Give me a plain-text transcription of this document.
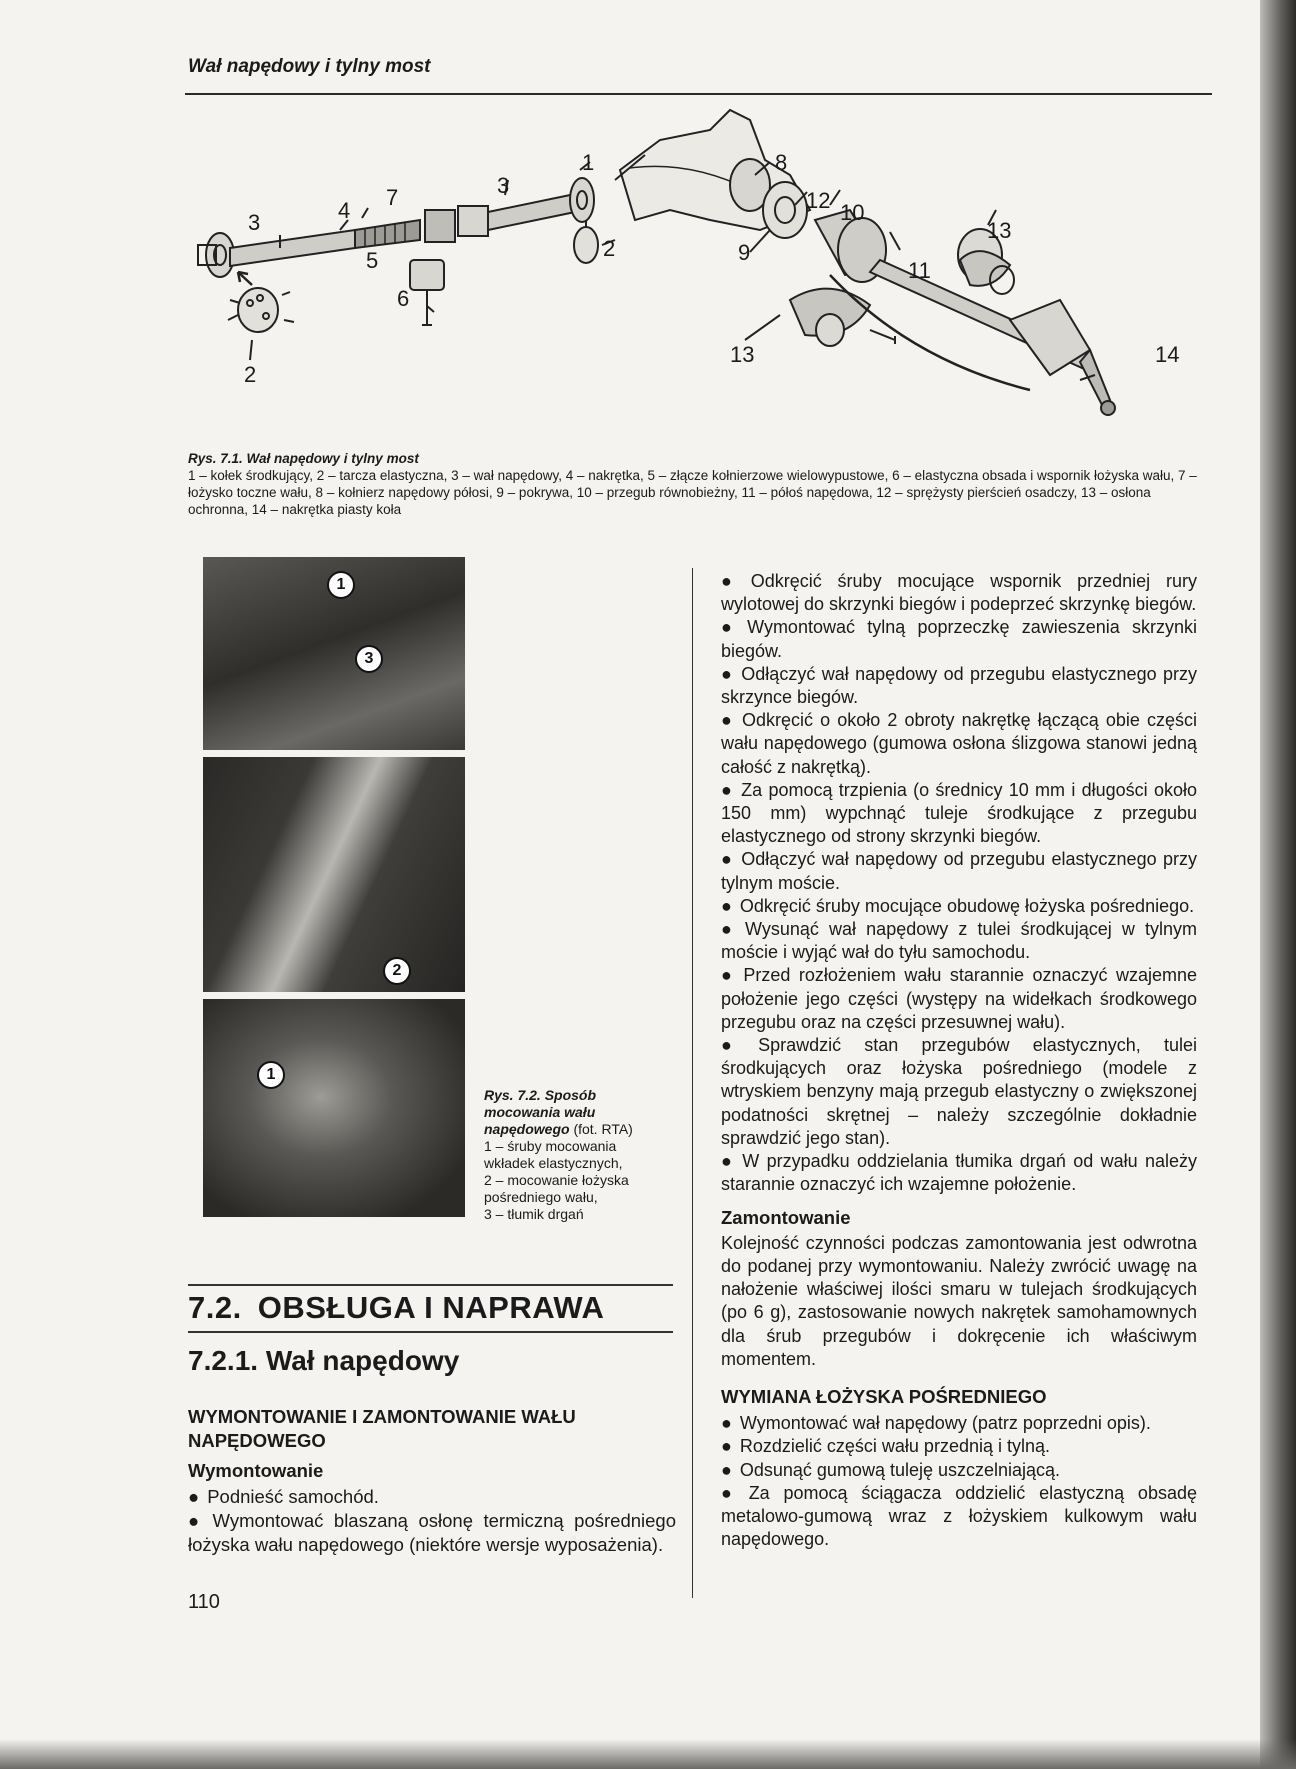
Wał napędowy i tylny most
3	4
7
5
6
2
3
1
2
8
12 10
9
13
11
13	14
Rys. 7.1. Wał napędowy i tylny most
1 – kołek środkujący, 2 – tarcza elastyczna, 3 – wał napędowy, 4 – nakrętka, 5 – złącze kołnierzowe wielowypustowe, 6 – elastyczna obsada i wspornik łożyska wału, 7 – łożysko toczne wału, 8 – kołnierz napędowy półosi, 9 – pokrywa, 10 – przegub równobieżny, 11 – półoś napędowa, 12 – sprężysty pierścień osadczy, 13 – osłona ochronna, 14 – nakrętka piasty koła
1
3
2
1
Rys. 7.2. Sposób mocowania wału napędowego (fot. RTA)
1 – śruby mocowania wkładek elastycznych,
2 – mocowanie łożyska pośredniego wału,
3 – tłumik drgań
7.2. OBSŁUGA I NAPRAWA
7.2.1. Wał napędowy

WYMONTOWANIE I ZAMONTOWANIE WAŁU NAPĘDOWEGO

Wymontowanie

● Podnieść samochód.

● Wymontować blaszaną osłonę termiczną pośredniego łożyska wału napędowego (niektóre wersje wyposażenia).

● Odkręcić śruby mocujące wspornik przedniej rury wylotowej do skrzynki biegów i podeprzeć skrzynkę biegów.

● Wymontować tylną poprzeczkę zawieszenia skrzynki biegów.

● Odłączyć wał napędowy od przegubu elastycznego przy skrzynce biegów.

● Odkręcić o około 2 obroty nakrętkę łączącą obie części wału napędowego (gumowa osłona ślizgowa stanowi jedną całość z nakrętką).

● Za pomocą trzpienia (o średnicy 10 mm i długości około 150 mm) wypchnąć tuleje środkujące z przegubu elastycznego od strony skrzynki biegów.

● Odłączyć wał napędowy od przegubu elastycznego przy tylnym moście.

● Odkręcić śruby mocujące obudowę łożyska pośredniego.

● Wysunąć wał napędowy z tulei środkującej w tylnym moście i wyjąć wał do tyłu samochodu.

● Przed rozłożeniem wału starannie oznaczyć wzajemne położenie jego części (występy na widełkach środkowego przegubu oraz na części przesuwnej wału).

● Sprawdzić stan przegubów elastycznych, tulei środkujących oraz łożyska pośredniego (modele z wtryskiem benzyny mają przegub elastyczny o zwiększonej podatności skrętnej – należy szczególnie dokładnie sprawdzić jego stan).

● W przypadku oddzielania tłumika drgań od wału należy starannie oznaczyć ich wzajemne położenie.

Zamontowanie

Kolejność czynności podczas zamontowania jest odwrotna do podanej przy wymontowaniu. Należy zwrócić uwagę na nałożenie właściwej ilości smaru w tulejach środkujących (po 6 g), zastosowanie nowych nakrętek samohamownych dla śrub przegubów i dokręcenie ich właściwym momentem.

WYMIANA ŁOŻYSKA POŚREDNIEGO

● Wymontować wał napędowy (patrz poprzedni opis).

● Rozdzielić części wału przednią i tylną.

● Odsunąć gumową tuleję uszczelniającą.

● Za pomocą ściągacza oddzielić elastyczną obsadę metalowo-gumową wraz z łożyskiem kulkowym wału napędowego.

110
